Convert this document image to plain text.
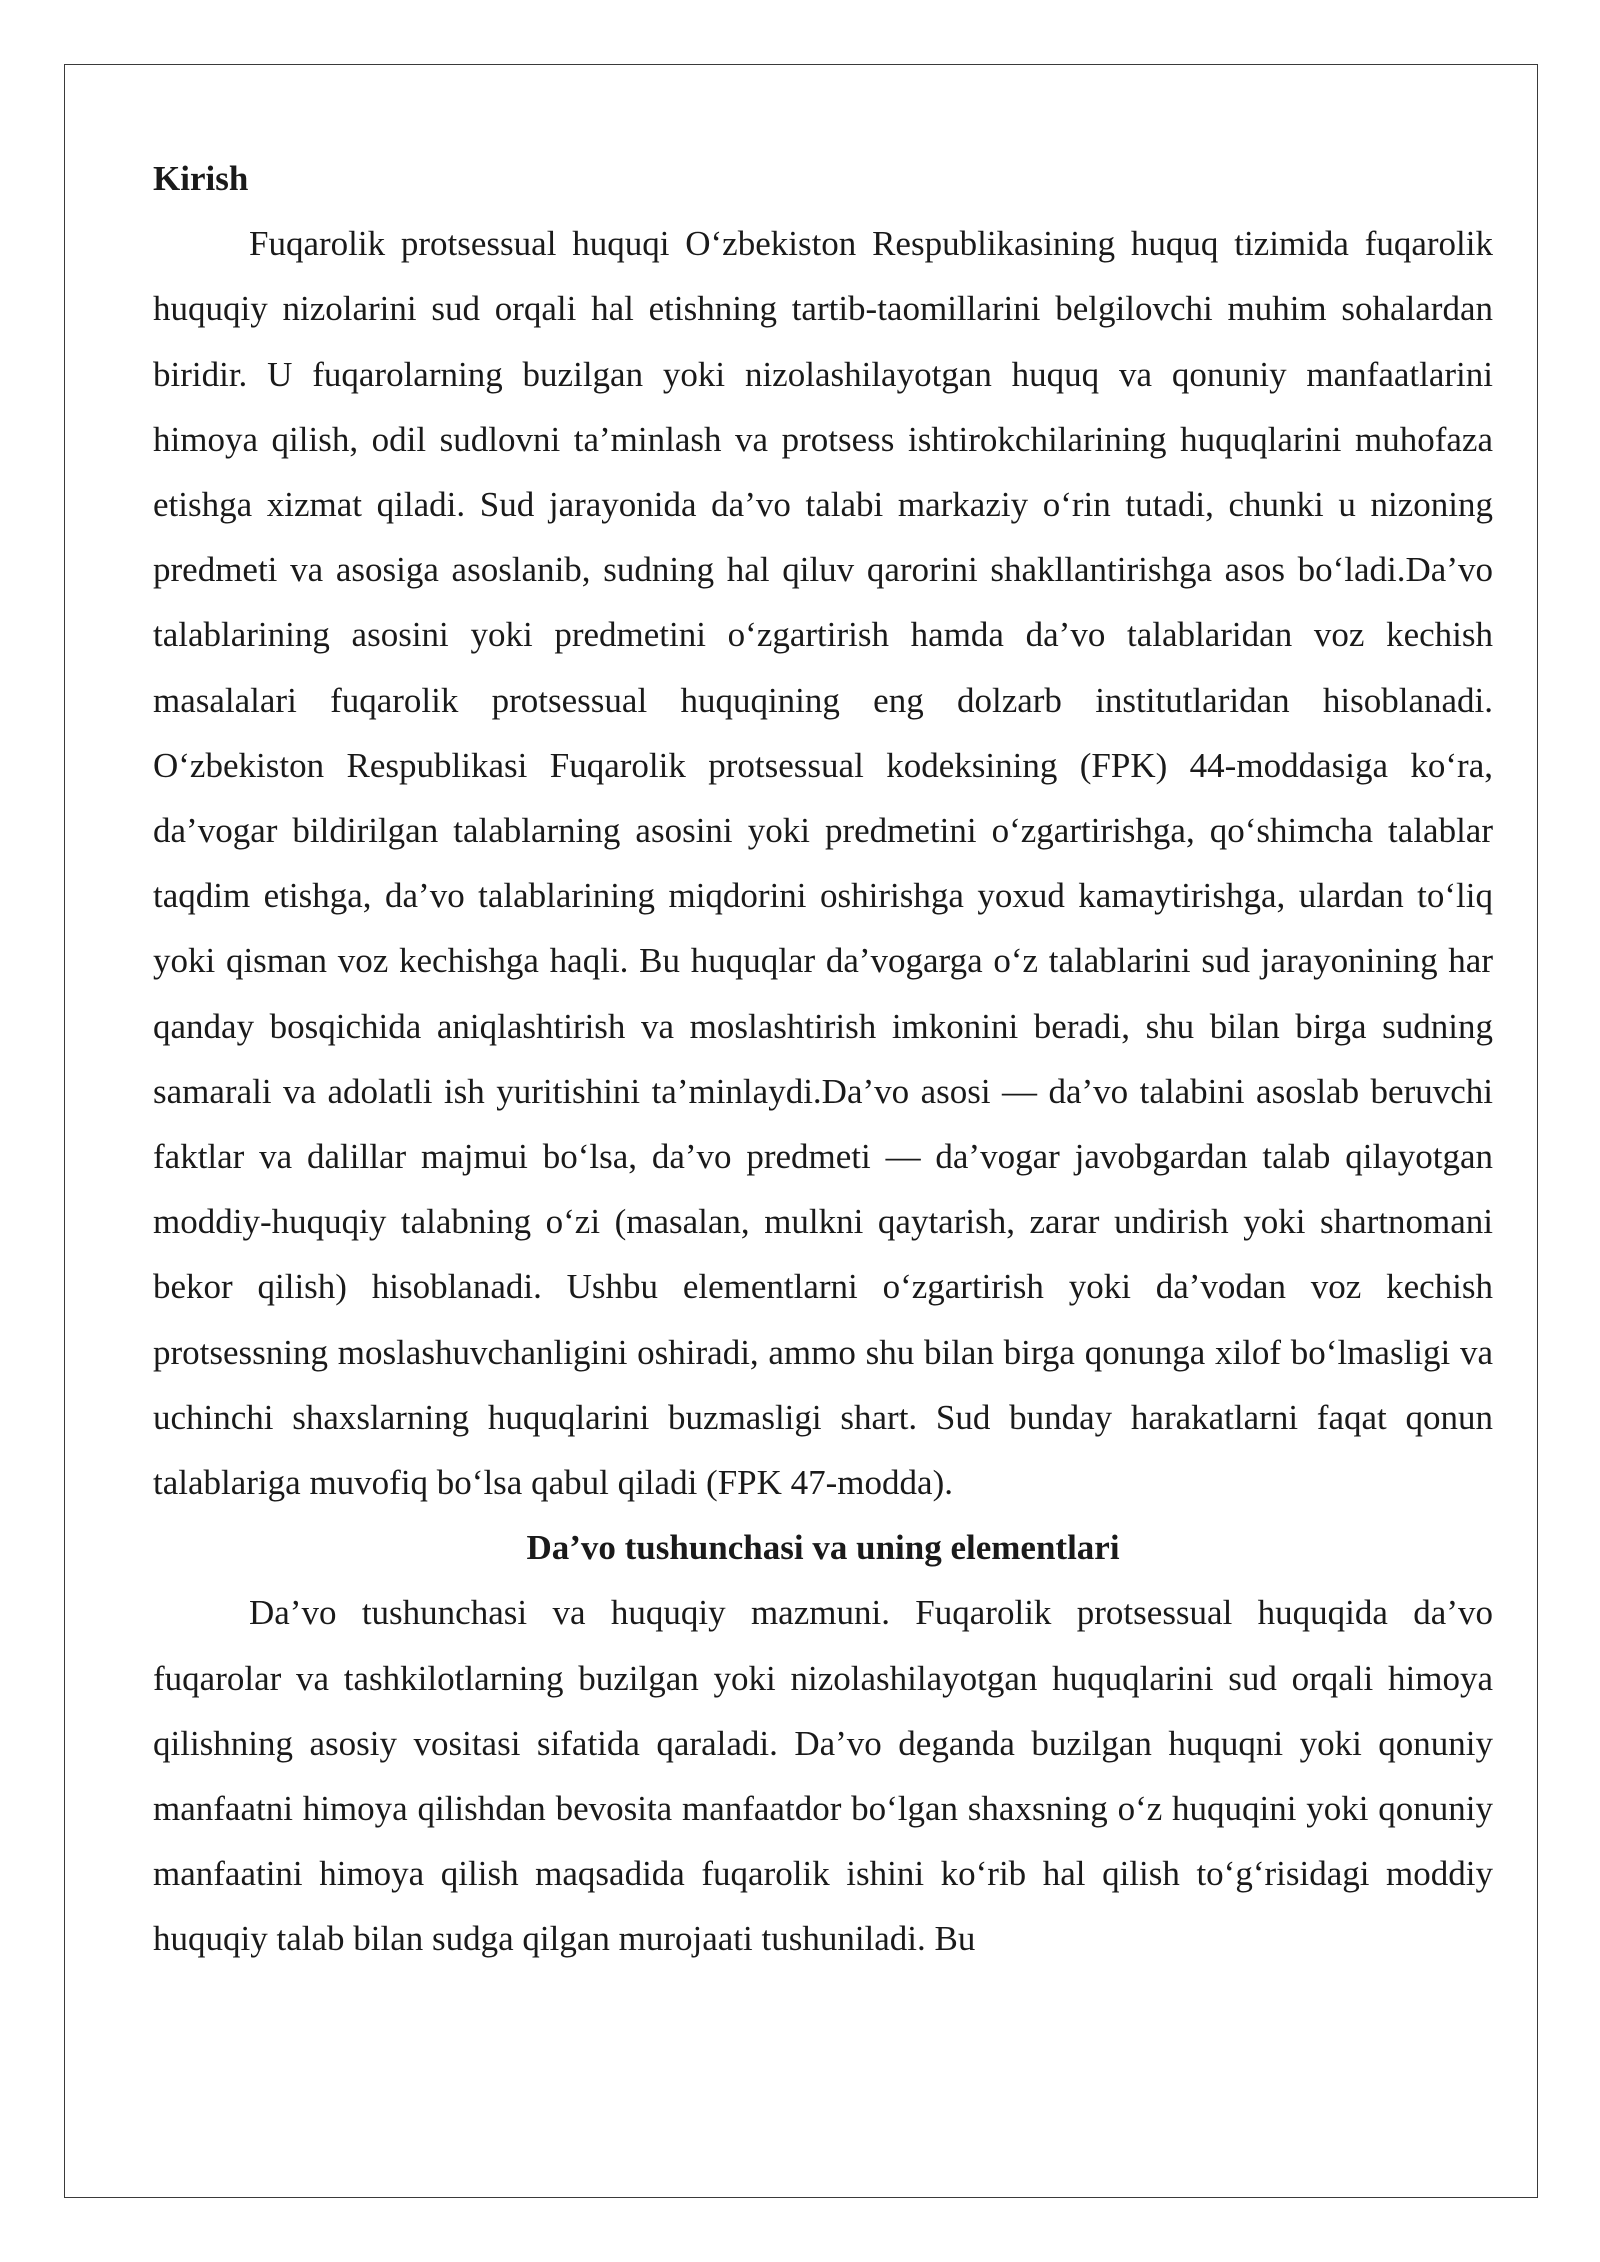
Kirish

Fuqarolik protsessual huquqi O‘zbekiston Respublikasining huquq tizimida fuqarolik huquqiy nizolarini sud orqali hal etishning tartib-taomillarini belgilovchi muhim sohalardan biridir. U fuqarolarning buzilgan yoki nizolashilayotgan huquq va qonuniy manfaatlarini himoya qilish, odil sudlovni ta’minlash va protsess ishtirokchilarining huquqlarini muhofaza etishga xizmat qiladi. Sud jarayonida da’vo talabi markaziy o‘rin tutadi, chunki u nizoning predmeti va asosiga asoslanib, sudning hal qiluv qarorini shakllantirishga asos bo‘ladi.Da’vo talablarining asosini yoki predmetini o‘zgartirish hamda da’vo talablaridan voz kechish masalalari fuqarolik protsessual huquqining eng dolzarb institutlaridan hisoblanadi. O‘zbekiston Respublikasi Fuqarolik protsessual kodeksining (FPK) 44-moddasiga ko‘ra, da’vogar bildirilgan talablarning asosini yoki predmetini o‘zgartirishga, qo‘shimcha talablar taqdim etishga, da’vo talablarining miqdorini oshirishga yoxud kamaytirishga, ulardan to‘liq yoki qisman voz kechishga haqli. Bu huquqlar da’vogarga o‘z talablarini sud jarayonining har qanday bosqichida aniqlashtirish va moslashtirish imkonini beradi, shu bilan birga sudning samarali va adolatli ish yuritishini ta’minlaydi.Da’vo asosi — da’vo talabini asoslab beruvchi faktlar va dalillar majmui bo‘lsa, da’vo predmeti — da’vogar javobgardan talab qilayotgan moddiy-huquqiy talabning o‘zi (masalan, mulkni qaytarish, zarar undirish yoki shartnomani bekor qilish) hisoblanadi. Ushbu elementlarni o‘zgartirish yoki da’vodan voz kechish protsessning moslashuvchanligini oshiradi, ammo shu bilan birga qonunga xilof bo‘lmasligi va uchinchi shaxslarning huquqlarini buzmasligi shart. Sud bunday harakatlarni faqat qonun talablariga muvofiq bo‘lsa qabul qiladi (FPK 47-modda).

Da’vo tushunchasi va uning elementlari

Da’vo tushunchasi va huquqiy mazmuni. Fuqarolik protsessual huquqida da’vo fuqarolar va tashkilotlarning buzilgan yoki nizolashilayotgan huquqlarini sud orqali himoya qilishning asosiy vositasi sifatida qaraladi. Da’vo deganda buzilgan huquqni yoki qonuniy manfaatni himoya qilishdan bevosita manfaatdor bo‘lgan shaxsning o‘z huquqini yoki qonuniy manfaatini himoya qilish maqsadida fuqarolik ishini ko‘rib hal qilish to‘g‘risidagi moddiy huquqiy talab bilan sudga qilgan murojaati tushuniladi. Bu
